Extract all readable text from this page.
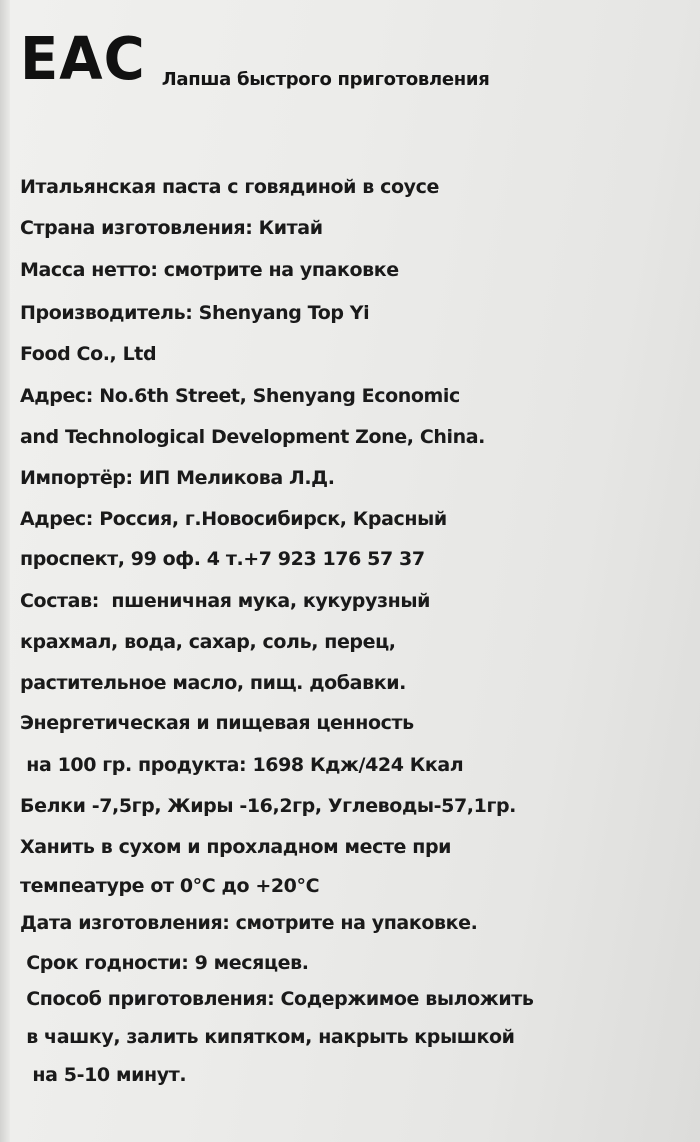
EAC Лапша быстрого приготовления
Итальянская паста с говядиной в соусе
Страна изготовления: Китай
Масса нетто: смотрите на упаковке
Производитель: Shenyang Top Yi
Food Co., Ltd
Адрес: No.6th Street, Shenyang Economic
and Technological Development Zone, China.
Импортёр: ИП Меликова Л.Д.
Адрес: Россия, г.Новосибирск, Красный
проспект, 99 оф. 4 т.+7 923 176 57 37
Состав:  пшеничная мука, кукурузный
крахмал, вода, сахар, соль, перец,
растительное масло, пищ. добавки.
Энергетическая и пищевая ценность
на 100 гр. продукта: 1698 Кдж/424 Ккал
Белки -7,5гр, Жиры -16,2гр, Углеводы-57,1гр.
Ханить в сухом и прохладном месте при
темпеатуре от 0°С до +20°С
Дата изготовления: смотрите на упаковке.
Срок годности: 9 месяцев.
Способ приготовления: Содержимое выложить
в чашку, залить кипятком, накрыть крышкой
на 5-10 минут.
